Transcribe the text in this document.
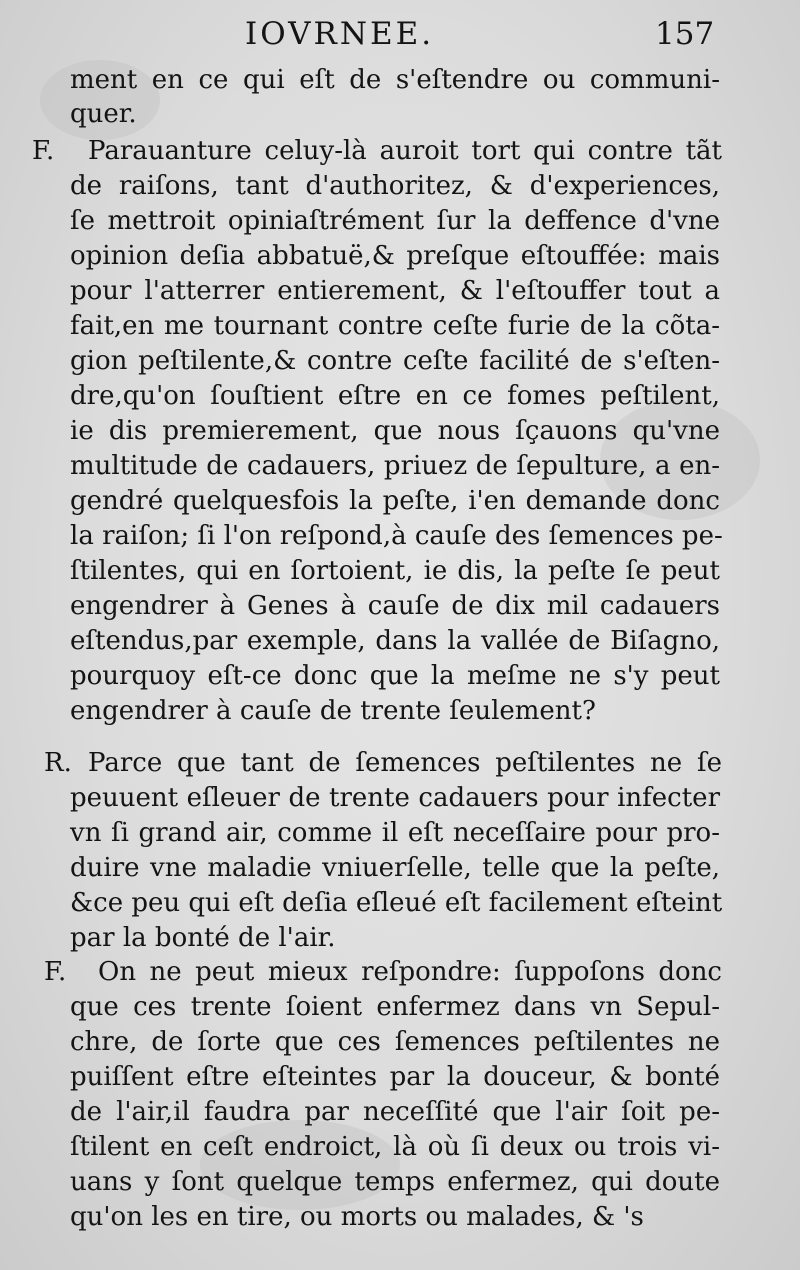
IOVRNEE.	157
F.
R.
F.
ment en ce qui eſt de s'eſtendre ou communi-
quer.
Parauanture celuy-là auroit tort qui contre tãt
de raiſons, tant d'authoritez, & d'experiences,
ſe mettroit opiniaſtrément ſur la deffence d'vne
opinion deſia abbatuë,& preſque eſtouffée: mais
pour l'atterrer entierement, & l'eſtouffer tout a
fait,en me tournant contre ceſte furie de la cõta-
gion peſtilente,& contre ceſte facilité de s'eſten-
dre,qu'on ſouſtient eſtre en ce fomes peſtilent,
ie dis premierement, que nous ſçauons qu'vne
multitude de cadauers, priuez de ſepulture, a en-
gendré quelquesfois la peſte, i'en demande donc
la raiſon; ſi l'on reſpond,à cauſe des ſemences pe-
ſtilentes, qui en ſortoient, ie dis, la peſte ſe peut
engendrer à Genes à cauſe de dix mil cadauers
eſtendus,par exemple, dans la vallée de Biſagno,
pourquoy eſt-ce donc que la meſme ne s'y peut
engendrer à cauſe de trente ſeulement?
Parce que tant de ſemences peſtilentes ne ſe
peuuent eſleuer de trente cadauers pour infecter
vn ſi grand air, comme il eſt neceſſaire pour pro-
duire vne maladie vniuerſelle, telle que la peſte,
&ce peu qui eſt deſia eſleué eſt facilement eſteint
par la bonté de l'air.
On ne peut mieux reſpondre: ſuppoſons donc
que ces trente ſoient enfermez dans vn Sepul-
chre, de ſorte que ces ſemences peſtilentes ne
puiſſent eſtre eſteintes par la douceur, & bonté
de l'air,il faudra par neceſſité que l'air ſoit pe-
ſtilent en ceſt endroict, là où ſi deux ou trois vi-
uans y ſont quelque temps enfermez, qui doute
qu'on les en tire, ou morts ou malades, & 's
